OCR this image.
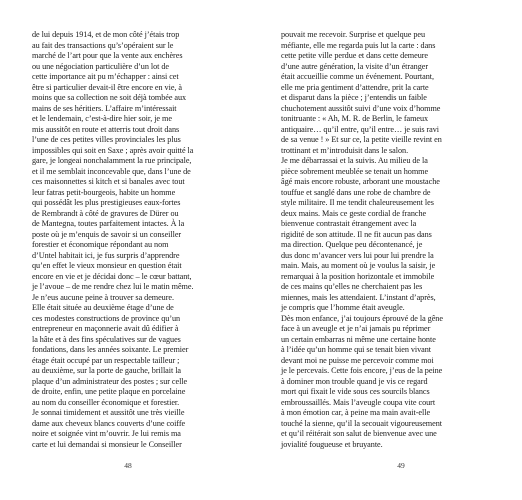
de lui depuis 1914, et de mon côté j’étais trop
au fait des transactions qu’s’opéraient sur le
marché de l’art pour que la vente aux enchères
ou une négociation particulière d’un lot de
cette importance ait pu m’échapper : ainsi cet
être si particulier devait-il être encore en vie, à
moins que sa collection ne soit déjà tombée aux
mains de ses héritiers. L’affaire m’intéressait
et le lendemain, c’est-à-dire hier soir, je me
mis aussitôt en route et atterris tout droit dans
l’une de ces petites villes provinciales les plus
impossibles qui soit en Saxe ; après avoir quitté la
gare, je longeai nonchalamment la rue principale,
et il me semblait inconcevable que, dans l’une de
ces maisonnettes si kitch et si banales avec tout
leur fatras petit-bourgeois, habite un homme
qui possédât les plus prestigieuses eaux-fortes
de Rembrandt à côté de gravures de Dürer ou
de Mantegna, toutes parfaitement intactes. À la
poste où je m’enquis de savoir si un conseiller
forestier et économique répondant au nom
d’Untel habitait ici, je fus surpris d’apprendre
qu’en effet le vieux monsieur en question était
encore en vie et je décidai donc – le cœur battant,
je l’avoue – de me rendre chez lui le matin même.
Je n’eus aucune peine à trouver sa demeure.
Elle était située au deuxième étage d’une de
ces modestes constructions de province qu’un
entrepreneur en maçonnerie avait dû édifier à
la hâte et à des fins spéculatives sur de vagues
fondations, dans les années soixante. Le premier
étage était occupé par un respectable tailleur ;
au deuxième, sur la porte de gauche, brillait la
plaque d’un administrateur des postes ; sur celle
de droite, enfin, une petite plaque en porcelaine
au nom du conseiller économique et forestier.
Je sonnai timidement et aussitôt une très vieille
dame aux cheveux blancs couverts d’une coiffe
noire et soignée vint m’ouvrir. Je lui remis ma
carte et lui demandai si monsieur le Conseiller
48
pouvait me recevoir. Surprise et quelque peu
méfiante, elle me regarda puis lut la carte : dans
cette petite ville perdue et dans cette demeure
d’une autre génération, la visite d’un étranger
était accueillie comme un événement. Pourtant,
elle me pria gentiment d’attendre, prit la carte
et disparut dans la pièce ; j’entendis un faible
chuchotement aussitôt suivi d’une voix d’homme
tonitruante : « Ah, M. R. de Berlin, le fameux
antiquaire… qu’il entre, qu’il entre… je suis ravi
de sa venue ! » Et sur ce, la petite vieille revint en
trottinant et m’introduisit dans le salon.
Je me débarrassai et la suivis. Au milieu de la
pièce sobrement meublée se tenait un homme
âgé mais encore robuste, arborant une moustache
touffue et sanglé dans une robe de chambre de
style militaire. Il me tendit chaleureusement les
deux mains. Mais ce geste cordial de franche
bienvenue contrastait étrangement avec la
rigidité de son attitude. Il ne fit aucun pas dans
ma direction. Quelque peu décontenancé, je
dus donc m’avancer vers lui pour lui prendre la
main. Mais, au moment où je voulus la saisir, je
remarquai à la position horizontale et immobile
de ces mains qu’elles ne cherchaient pas les
miennes, mais les attendaient. L’instant d’après,
je compris que l’homme était aveugle.
Dès mon enfance, j’ai toujours éprouvé de la gêne
face à un aveugle et je n’ai jamais pu réprimer
un certain embarras ni même une certaine honte
à l’idée qu’un homme qui se tenait bien vivant
devant moi ne puisse me percevoir comme moi
je le percevais. Cette fois encore, j’eus de la peine
à dominer mon trouble quand je vis ce regard
mort qui fixait le vide sous ces sourcils blancs
embroussaillés. Mais l’aveugle coupa vite court
à mon émotion car, à peine ma main avait-elle
touché la sienne, qu’il la secouait vigoureusement
et qu’il réitérait son salut de bienvenue avec une
jovialité fougueuse et bruyante.
49
